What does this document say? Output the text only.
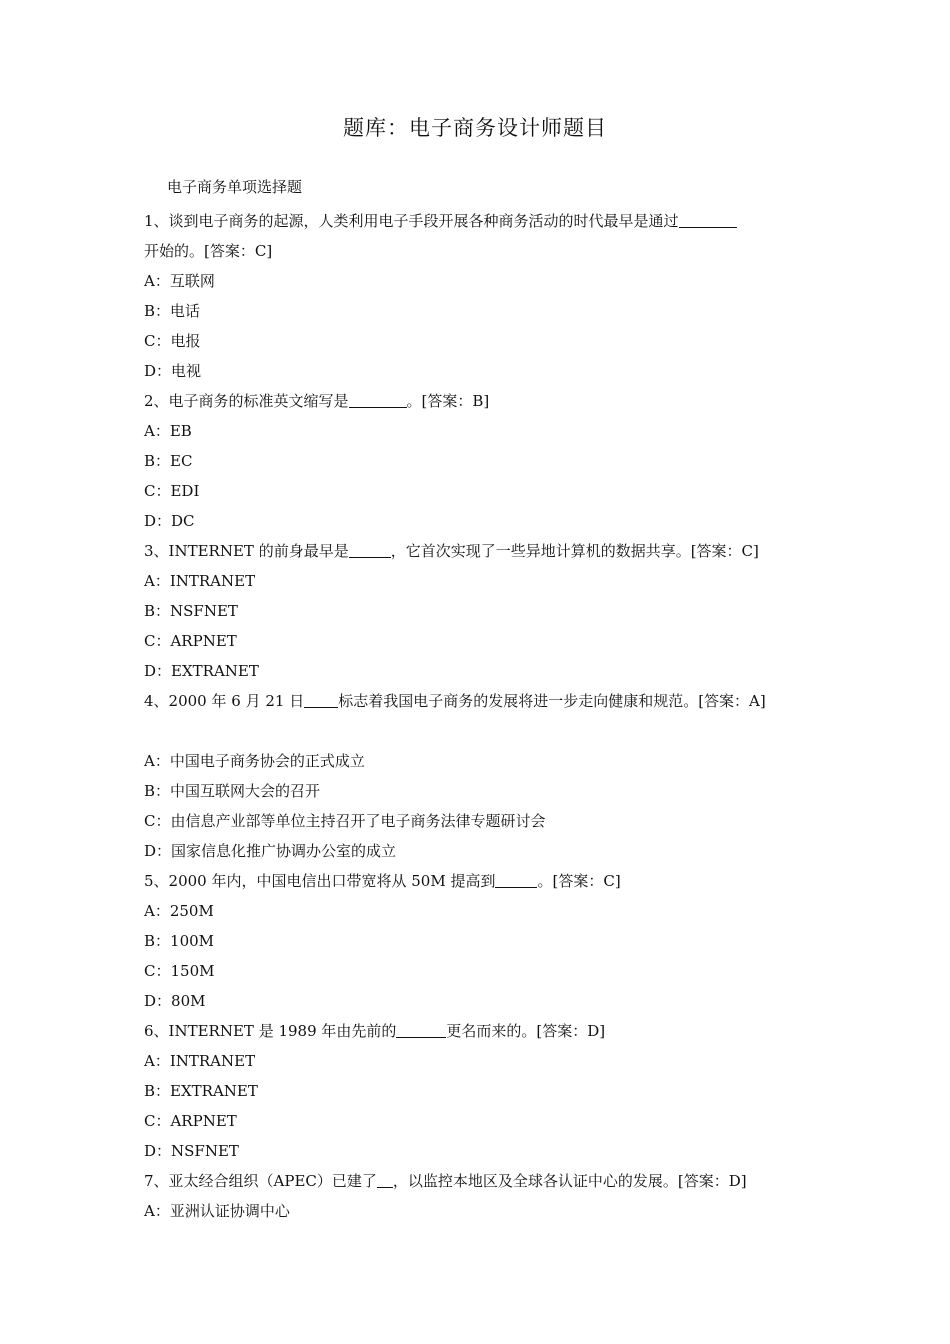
题库：电子商务设计师题目
电子商务单项选择题
1、谈到电子商务的起源，人类利用电子手段开展各种商务活动的时代最早是通过
开始的。[答案：C]
A：互联网
B：电话
C：电报
D：电视
2、电子商务的标准英文缩写是	。[答案：B]
A：EB
B：EC
C：EDI
D：DC
3、INTERNET 的前身最早是	，它首次实现了一些异地计算机的数据共享。[答案：C]
A：INTRANET
B：NSFNET
C：ARPNET
D：EXTRANET
4、2000 年 6 月 21 日 标志着我国电子商务的发展将进一步走向健康和规范。[答案：A]
A：中国电子商务协会的正式成立
B：中国互联网大会的召开
C：由信息产业部等单位主持召开了电子商务法律专题研讨会
D：国家信息化推广协调办公室的成立
5、2000 年内，中国电信出口带宽将从 50M 提高到	。[答案：C]
A：250M
B：100M
C：150M
D：80M
6、INTERNET 是 1989 年由先前的	更名而来的。[答案：D]
A：INTRANET
B：EXTRANET
C：ARPNET
D：NSFNET
7、亚太经合组织（APEC）已建了 ，以监控本地区及全球各认证中心的发展。[答案：D]
A：亚洲认证协调中心
